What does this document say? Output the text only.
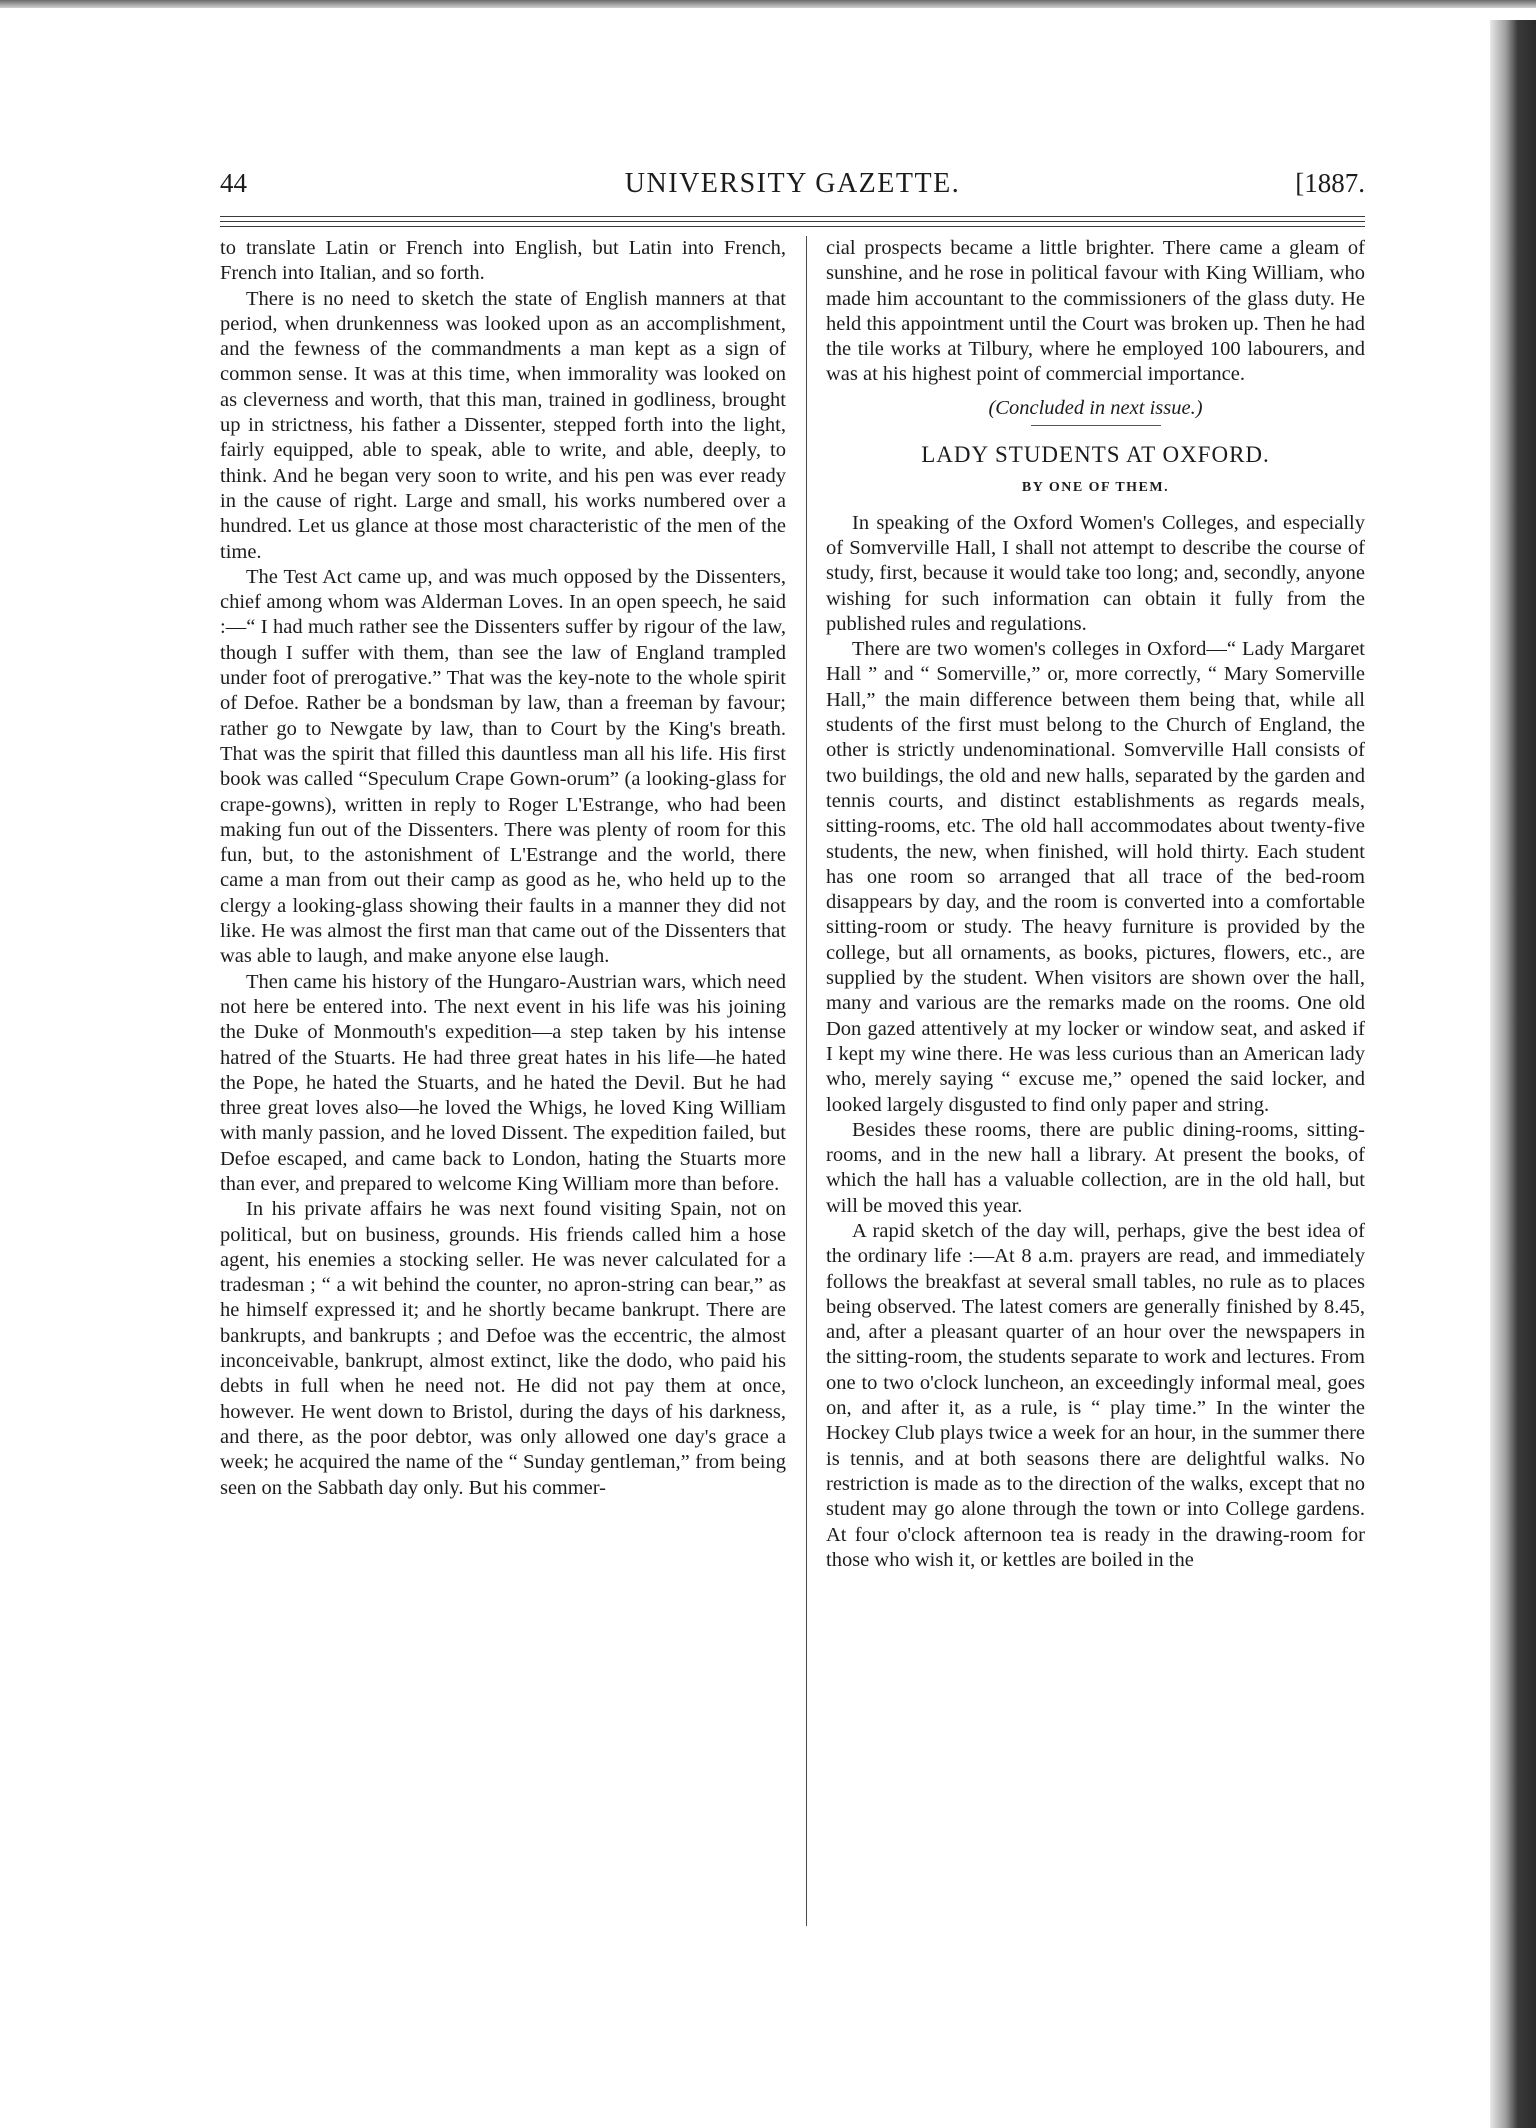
44	UNIVERSITY GAZETTE.	[1887.

to translate Latin or French into English, but Latin into French, French into Italian, and so forth.

There is no need to sketch the state of English manners at that period, when drunkenness was looked upon as an accomplishment, and the fewness of the commandments a man kept as a sign of common sense. It was at this time, when immorality was looked on as cleverness and worth, that this man, trained in godliness, brought up in strictness, his father a Dissenter, stepped forth into the light, fairly equipped, able to speak, able to write, and able, deeply, to think. And he began very soon to write, and his pen was ever ready in the cause of right. Large and small, his works numbered over a hundred. Let us glance at those most characteristic of the men of the time.

The Test Act came up, and was much opposed by the Dissenters, chief among whom was Alderman Loves. In an open speech, he said :—“ I had much rather see the Dissenters suffer by rigour of the law, though I suffer with them, than see the law of England trampled under foot of prerogative.” That was the key-note to the whole spirit of Defoe. Rather be a bondsman by law, than a freeman by favour; rather go to Newgate by law, than to Court by the King's breath. That was the spirit that filled this dauntless man all his life. His first book was called “Speculum Crape Gown-orum” (a looking-glass for crape-gowns), written in reply to Roger L'Estrange, who had been making fun out of the Dissenters. There was plenty of room for this fun, but, to the astonishment of L'Estrange and the world, there came a man from out their camp as good as he, who held up to the clergy a looking-glass showing their faults in a manner they did not like. He was almost the first man that came out of the Dissenters that was able to laugh, and make anyone else laugh.

Then came his history of the Hungaro-Austrian wars, which need not here be entered into. The next event in his life was his joining the Duke of Monmouth's expedition—a step taken by his intense hatred of the Stuarts. He had three great hates in his life—he hated the Pope, he hated the Stuarts, and he hated the Devil. But he had three great loves also—he loved the Whigs, he loved King William with manly passion, and he loved Dissent. The expedition failed, but Defoe escaped, and came back to London, hating the Stuarts more than ever, and prepared to welcome King William more than before.

In his private affairs he was next found visiting Spain, not on political, but on business, grounds. His friends called him a hose agent, his enemies a stocking seller. He was never calculated for a tradesman ; “ a wit behind the counter, no apron-string can bear,” as he himself expressed it; and he shortly became bankrupt. There are bankrupts, and bankrupts ; and Defoe was the eccentric, the almost inconceivable, bankrupt, almost extinct, like the dodo, who paid his debts in full when he need not. He did not pay them at once, however. He went down to Bristol, during the days of his darkness, and there, as the poor debtor, was only allowed one day's grace a week; he acquired the name of the “ Sunday gentleman,” from being seen on the Sabbath day only. But his commer-

cial prospects became a little brighter. There came a gleam of sunshine, and he rose in political favour with King William, who made him accountant to the commissioners of the glass duty. He held this appointment until the Court was broken up. Then he had the tile works at Tilbury, where he employed 100 labourers, and was at his highest point of commercial importance.

(Concluded in next issue.)
LADY STUDENTS AT OXFORD.
BY ONE OF THEM.

In speaking of the Oxford Women's Colleges, and especially of Somverville Hall, I shall not attempt to describe the course of study, first, because it would take too long; and, secondly, anyone wishing for such information can obtain it fully from the published rules and regulations.

There are two women's colleges in Oxford—“ Lady Margaret Hall ” and “ Somerville,” or, more correctly, “ Mary Somerville Hall,” the main difference between them being that, while all students of the first must belong to the Church of England, the other is strictly undenominational. Somverville Hall consists of two buildings, the old and new halls, separated by the garden and tennis courts, and distinct establishments as regards meals, sitting-rooms, etc. The old hall accommodates about twenty-five students, the new, when finished, will hold thirty. Each student has one room so arranged that all trace of the bed-room disappears by day, and the room is converted into a comfortable sitting-room or study. The heavy furniture is provided by the college, but all ornaments, as books, pictures, flowers, etc., are supplied by the student. When visitors are shown over the hall, many and various are the remarks made on the rooms. One old Don gazed attentively at my locker or window seat, and asked if I kept my wine there. He was less curious than an American lady who, merely saying “ excuse me,” opened the said locker, and looked largely disgusted to find only paper and string.

Besides these rooms, there are public dining-rooms, sitting-rooms, and in the new hall a library. At present the books, of which the hall has a valuable collection, are in the old hall, but will be moved this year.

A rapid sketch of the day will, perhaps, give the best idea of the ordinary life :—At 8 a.m. prayers are read, and immediately follows the breakfast at several small tables, no rule as to places being observed. The latest comers are generally finished by 8.45, and, after a pleasant quarter of an hour over the newspapers in the sitting-room, the students separate to work and lectures. From one to two o'clock luncheon, an exceedingly informal meal, goes on, and after it, as a rule, is “ play time.” In the winter the Hockey Club plays twice a week for an hour, in the summer there is tennis, and at both seasons there are delightful walks. No restriction is made as to the direction of the walks, except that no student may go alone through the town or into College gardens. At four o'clock afternoon tea is ready in the drawing-room for those who wish it, or kettles are boiled in the
